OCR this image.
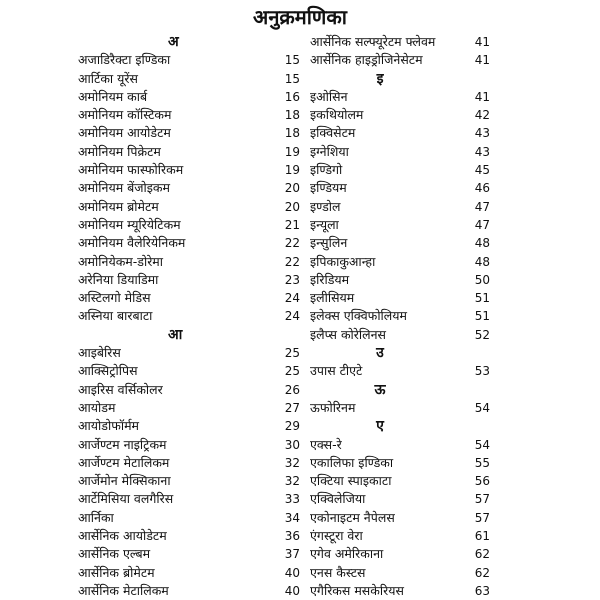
अनुक्रमणिका
अ
अजाडिरैक्टा इण्डिका	15
आर्टिका यूरेंस	15
अमोनियम कार्ब	16
अमोनियम कॉस्टिकम	18
अमोनियम आयोडेटम	18
अमोनियम पिक्रेटम	19
अमोनियम फास्फोरिकम	19
अमोनियम बेंजोइकम	20
अमोनियम ब्रोमेटम	20
अमोनियम म्यूरियेटिकम	21
अमोनियम वैलेरियेनिकम	22
अमोनियेकम-डोरेमा	22
अरेनिया डियाडिमा	23
अस्टिलगो मेडिस	24
अस्निया बारबाटा	24
आ
आइबेरिस	25
आक्सिट्रोपिस	25
आइरिस वर्सिकोलर	26
आयोडम	27
आयोडोफॉर्मम	29
आर्जेण्टम नाइट्रिकम	30
आर्जेण्टम मेटालिकम	32
आर्जेमोन मेक्सिकाना	32
आर्टेमिसिया वलगैरिस	33
आर्निका	34
आर्सेनिक आयोडेटम	36
आर्सेनिक एल्बम	37
आर्सेनिक ब्रोमेटम	40
आर्सेनिक मेटालिकम	40
आर्सेनिक सल्फ्यूरेटम फ्लेवम	41
आर्सेनिक हाइड्रोजिनेसेटम	41
इ
इओसिन	41
इकथियोलम	42
इक्विसेटम	43
इग्नेशिया	43
इण्डिगो	45
इण्डियम	46
इण्डोल	47
इन्यूला	47
इन्सुलिन	48
इपिकाकुआन्हा	48
इरिडियम	50
इलीसियम	51
इलेक्स एक्विफोलियम	51
इलैप्स कोरेलिनस	52
उ
उपास टीएटे	53
ऊ
ऊफोरिनम	54
ए
एक्स-रे	54
एकालिफा इण्डिका	55
एक्टिया स्पाइकाटा	56
एक्विलेजिया	57
एकोनाइटम नैपेलस	57
एंगस्टूरा वेरा	61
एगेव अमेरिकाना	62
एनस कैस्टस	62
एगैरिकस मसकेरियस	63
